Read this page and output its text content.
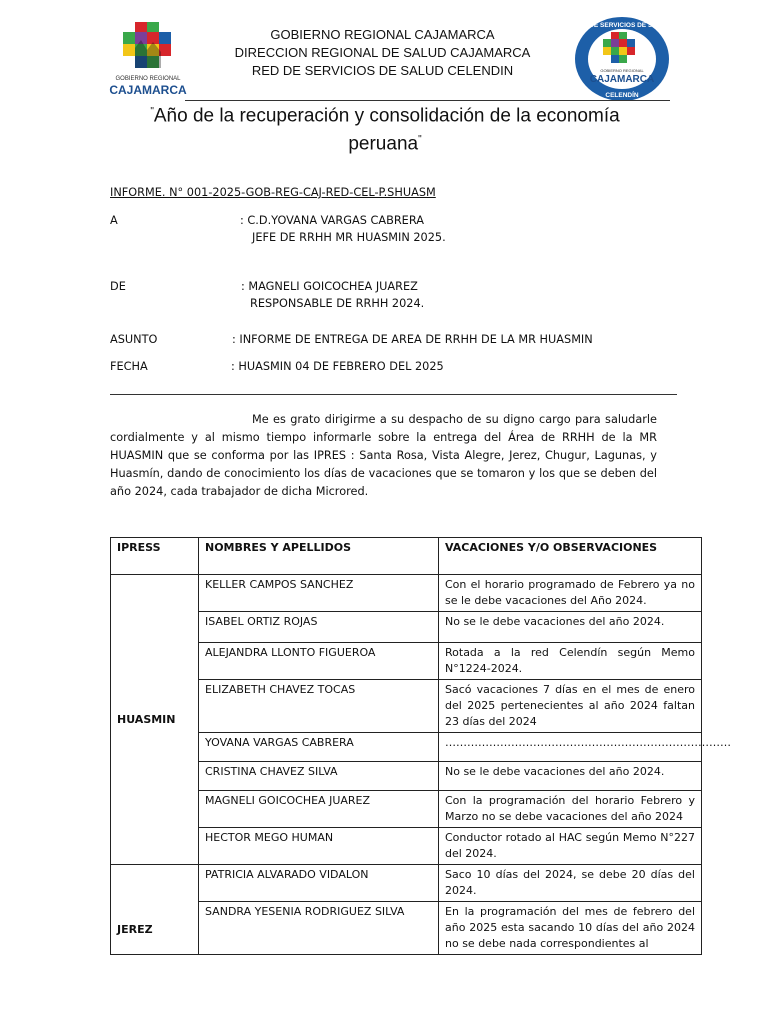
GOBIERNO REGIONAL
CAJAMARCA
GOBIERNO REGIONAL CAJAMARCA
DIRECCION REGIONAL DE SALUD CAJAMARCA
RED DE SERVICIOS DE SALUD CELENDIN
RED DE SERVICIOS DE SALUD
GOBIERNO REGIONAL
CAJAMARCA
CELENDÍN
"Año de la recuperación y consolidación de la economía peruana"
INFORME. N° 001-2025-GOB-REG-CAJ-RED-CEL-P.SHUASM
A	: C.D.YOVANA VARGAS CABRERA
JEFE DE RRHH MR HUASMIN 2025.
DE	: MAGNELI GOICOCHEA JUAREZ
RESPONSABLE DE RRHH 2024.
ASUNTO	: INFORME DE ENTREGA DE AREA DE RRHH DE LA MR HUASMIN
FECHA	: HUASMIN 04 DE FEBRERO DEL 2025
Me es grato dirigirme a su despacho de su digno cargo para saludarle cordialmente y al mismo tiempo informarle sobre la entrega del Área de RRHH de la MR HUASMIN que se conforma por las IPRES : Santa Rosa, Vista Alegre, Jerez, Chugur, Lagunas, y Huasmín, dando de conocimiento los días de vacaciones que se tomaron y los que se deben del año 2024, cada trabajador de dicha Microred.
IPRESS	NOMBRES Y APELLIDOS	VACACIONES Y/O OBSERVACIONES
HUASMIN	KELLER CAMPOS SANCHEZ	Con el horario programado de Febrero ya no se le debe vacaciones del Año 2024.
	ISABEL ORTIZ ROJAS	No se le debe vacaciones del año 2024.
	ALEJANDRA LLONTO FIGUEROA	Rotada a la red Celendín según Memo N°1224-2024.
	ELIZABETH CHAVEZ TOCAS	Sacó vacaciones 7 días en el mes de enero del 2025 pertenecientes al año 2024 faltan 23 días del 2024
	YOVANA VARGAS CABRERA	……………………………………………………………………
	CRISTINA CHAVEZ SILVA	No se le debe vacaciones del año 2024.
	MAGNELI GOICOCHEA JUAREZ	Con la programación del horario Febrero y Marzo no se debe vacaciones del año 2024
	HECTOR MEGO HUMAN	Conductor rotado al HAC según Memo N°227 del 2024.
JEREZ	PATRICIA ALVARADO VIDALON	Saco 10 días del 2024, se debe 20 días del 2024.
	SANDRA YESENIA RODRIGUEZ SILVA	En la programación del mes de febrero del año 2025 esta sacando 10 días del año 2024 no se debe nada correspondientes al
